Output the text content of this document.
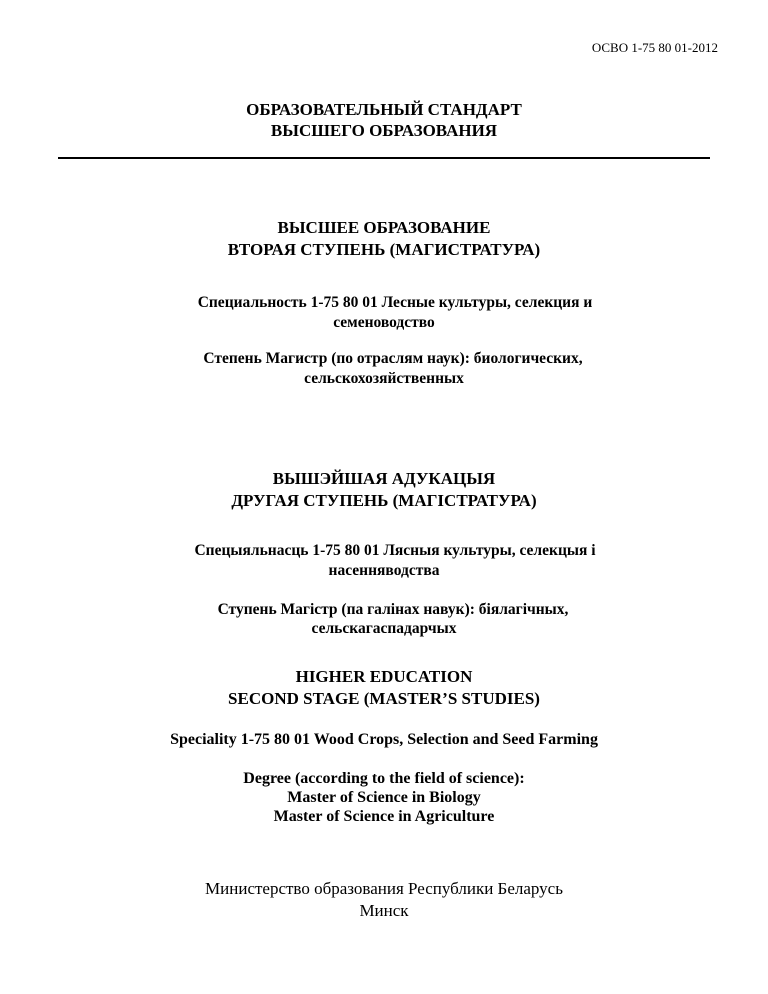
ОСВО 1-75 80 01-2012
ОБРАЗОВАТЕЛЬНЫЙ СТАНДАРТ
ВЫСШЕГО ОБРАЗОВАНИЯ
ВЫСШЕЕ ОБРАЗОВАНИЕ
ВТОРАЯ СТУПЕНЬ (МАГИСТРАТУРА)
Специальность 1-75 80 01 Лесные культуры, селекция и
семеноводство
Степень Магистр (по отраслям наук): биологических,
сельскохозяйственных
ВЫШЭЙШАЯ АДУКАЦЫЯ
ДРУГАЯ СТУПЕНЬ (МАГІСТРАТУРА)
Спецыяльнасць 1-75 80 01 Лясныя культуры, селекцыя і
насенняводства
Ступень Магістр (па галінах навук): біялагічных,
сельскагаспадарчых
HIGHER EDUCATION
SECOND STAGE (MASTER’S STUDIES)
Speciality 1-75 80 01 Wood Crops, Selection and Seed Farming
Degree (according to the field of science):
Master of Science in Biology
Master of Science in Agriculture
Министерство образования Республики Беларусь
Минск
